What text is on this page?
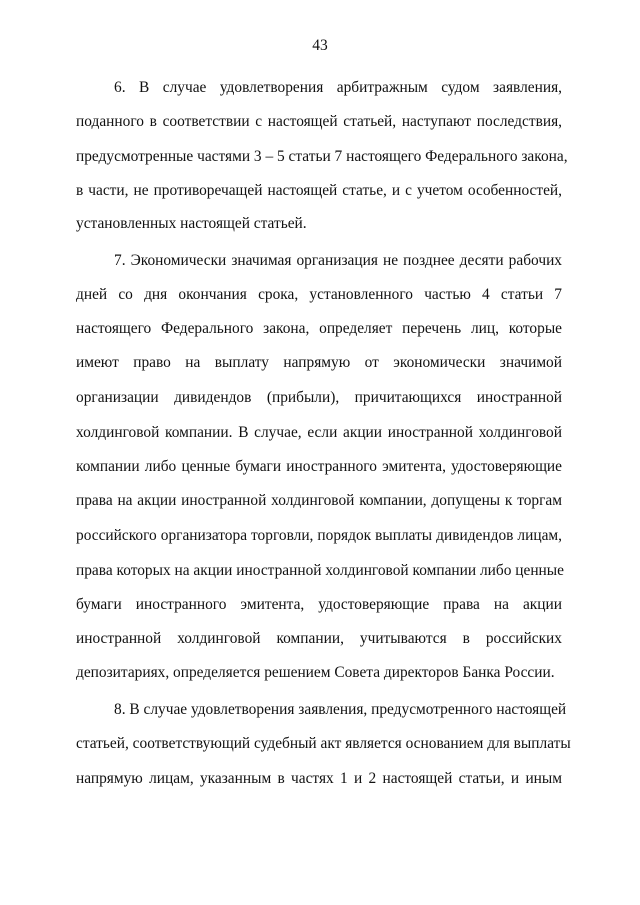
43
6. В случае удовлетворения арбитражным судом заявления,
поданного в соответствии с настоящей статьей, наступают последствия,
предусмотренные частями 3 – 5 статьи 7 настоящего Федерального закона,
в части, не противоречащей настоящей статье, и с учетом особенностей,
установленных настоящей статьей.
7. Экономически значимая организация не позднее десяти рабочих
дней со дня окончания срока, установленного частью 4 статьи 7
настоящего Федерального закона, определяет перечень лиц, которые
имеют право на выплату напрямую от экономически значимой
организации дивидендов (прибыли), причитающихся иностранной
холдинговой компании. В случае, если акции иностранной холдинговой
компании либо ценные бумаги иностранного эмитента, удостоверяющие
права на акции иностранной холдинговой компании, допущены к торгам
российского организатора торговли, порядок выплаты дивидендов лицам,
права которых на акции иностранной холдинговой компании либо ценные
бумаги иностранного эмитента, удостоверяющие права на акции
иностранной холдинговой компании, учитываются в российских
депозитариях, определяется решением Совета директоров Банка России.
8. В случае удовлетворения заявления, предусмотренного настоящей
статьей, соответствующий судебный акт является основанием для выплаты
напрямую лицам, указанным в частях 1 и 2 настоящей статьи, и иным
